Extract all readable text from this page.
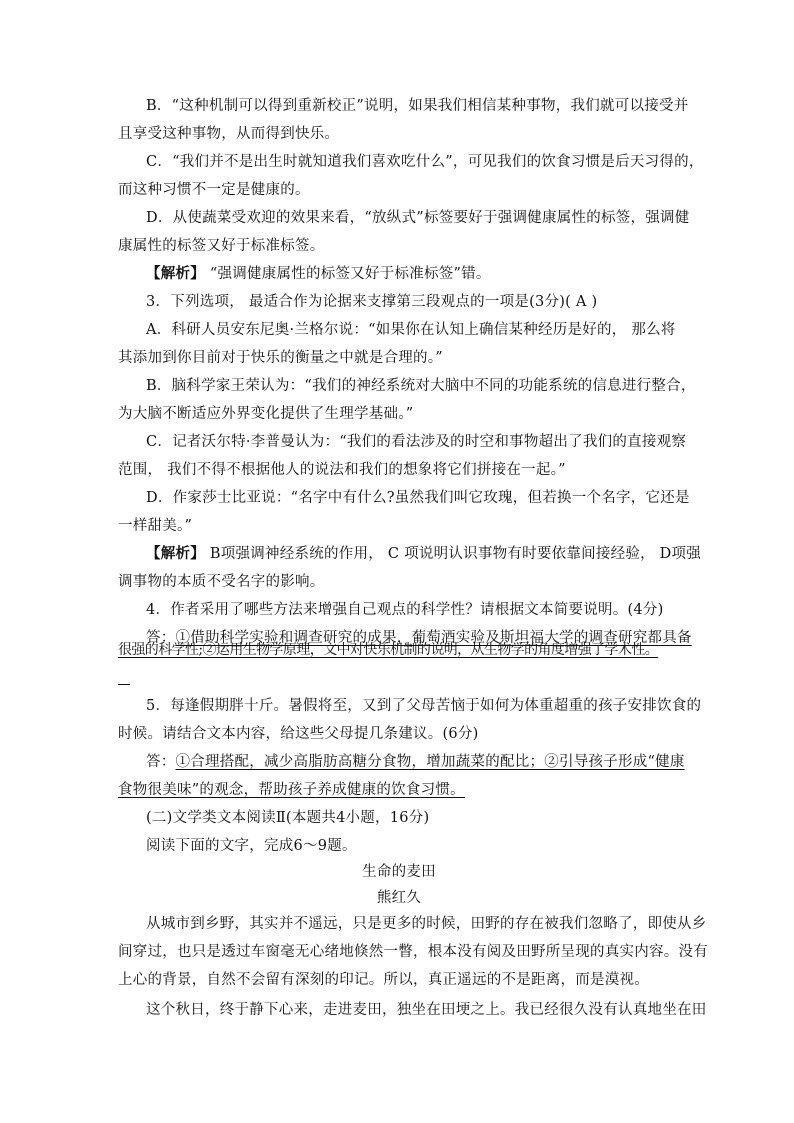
B．“这种机制可以得到重新校正”说明，如果我们相信某种事物，我们就可以接受并
且享受这种事物，从而得到快乐。
C．“我们并不是出生时就知道我们喜欢吃什么”，可见我们的饮食习惯是后天习得的，
而这种习惯不一定是健康的。
D．从使蔬菜受欢迎的效果来看，“放纵式”标签要好于强调健康属性的标签，强调健
康属性的标签又好于标准标签。
【解析】 “强调健康属性的标签又好于标准标签”错。
3．下列选项， 最适合作为论据来支撑第三段观点的一项是(3分)( A )
A．科研人员安东尼奥·兰格尔说：“如果你在认知上确信某种经历是好的， 那么将
其添加到你目前对于快乐的衡量之中就是合理的。”
B．脑科学家王荣认为：“我们的神经系统对大脑中不同的功能系统的信息进行整合，
为大脑不断适应外界变化提供了生理学基础。”
C．记者沃尔特·李普曼认为：“我们的看法涉及的时空和事物超出了我们的直接观察
范围， 我们不得不根据他人的说法和我们的想象将它们拼接在一起。”
D．作家莎士比亚说：“名字中有什么?虽然我们叫它玫瑰，但若换一个名字，它还是
一样甜美。”
【解析】 B项强调神经系统的作用， C 项说明认识事物有时要依靠间接经验， D项强
调事物的本质不受名字的影响。
4．作者采用了哪些方法来增强自己观点的科学性？请根据文本简要说明。(4分)
答：①借助科学实验和调查研究的成果，葡萄酒实验及斯坦福大学的调查研究都具备
很强的科学性;②运用生物学原理，文中对快乐机制的说明，从生物学的角度增强了学术性。
5．每逢假期胖十斤。暑假将至，又到了父母苦恼于如何为体重超重的孩子安排饮食的
时候。请结合文本内容，给这些父母提几条建议。(6分)
答：①合理搭配，减少高脂肪高糖分食物，增加蔬菜的配比；②引导孩子形成“健康
食物很美味”的观念，帮助孩子养成健康的饮食习惯。
(二)文学类文本阅读Ⅱ(本题共4小题，16分)
阅读下面的文字，完成6～9题。
生命的麦田
熊红久
从城市到乡野，其实并不遥远，只是更多的时候，田野的存在被我们忽略了，即使从乡
间穿过，也只是透过车窗毫无心绪地倏然一瞥，根本没有阅及田野所呈现的真实内容。没有
上心的背景，自然不会留有深刻的印记。所以，真正遥远的不是距离，而是漠视。
这个秋日，终于静下心来，走进麦田，独坐在田埂之上。我已经很久没有认真地坐在田
